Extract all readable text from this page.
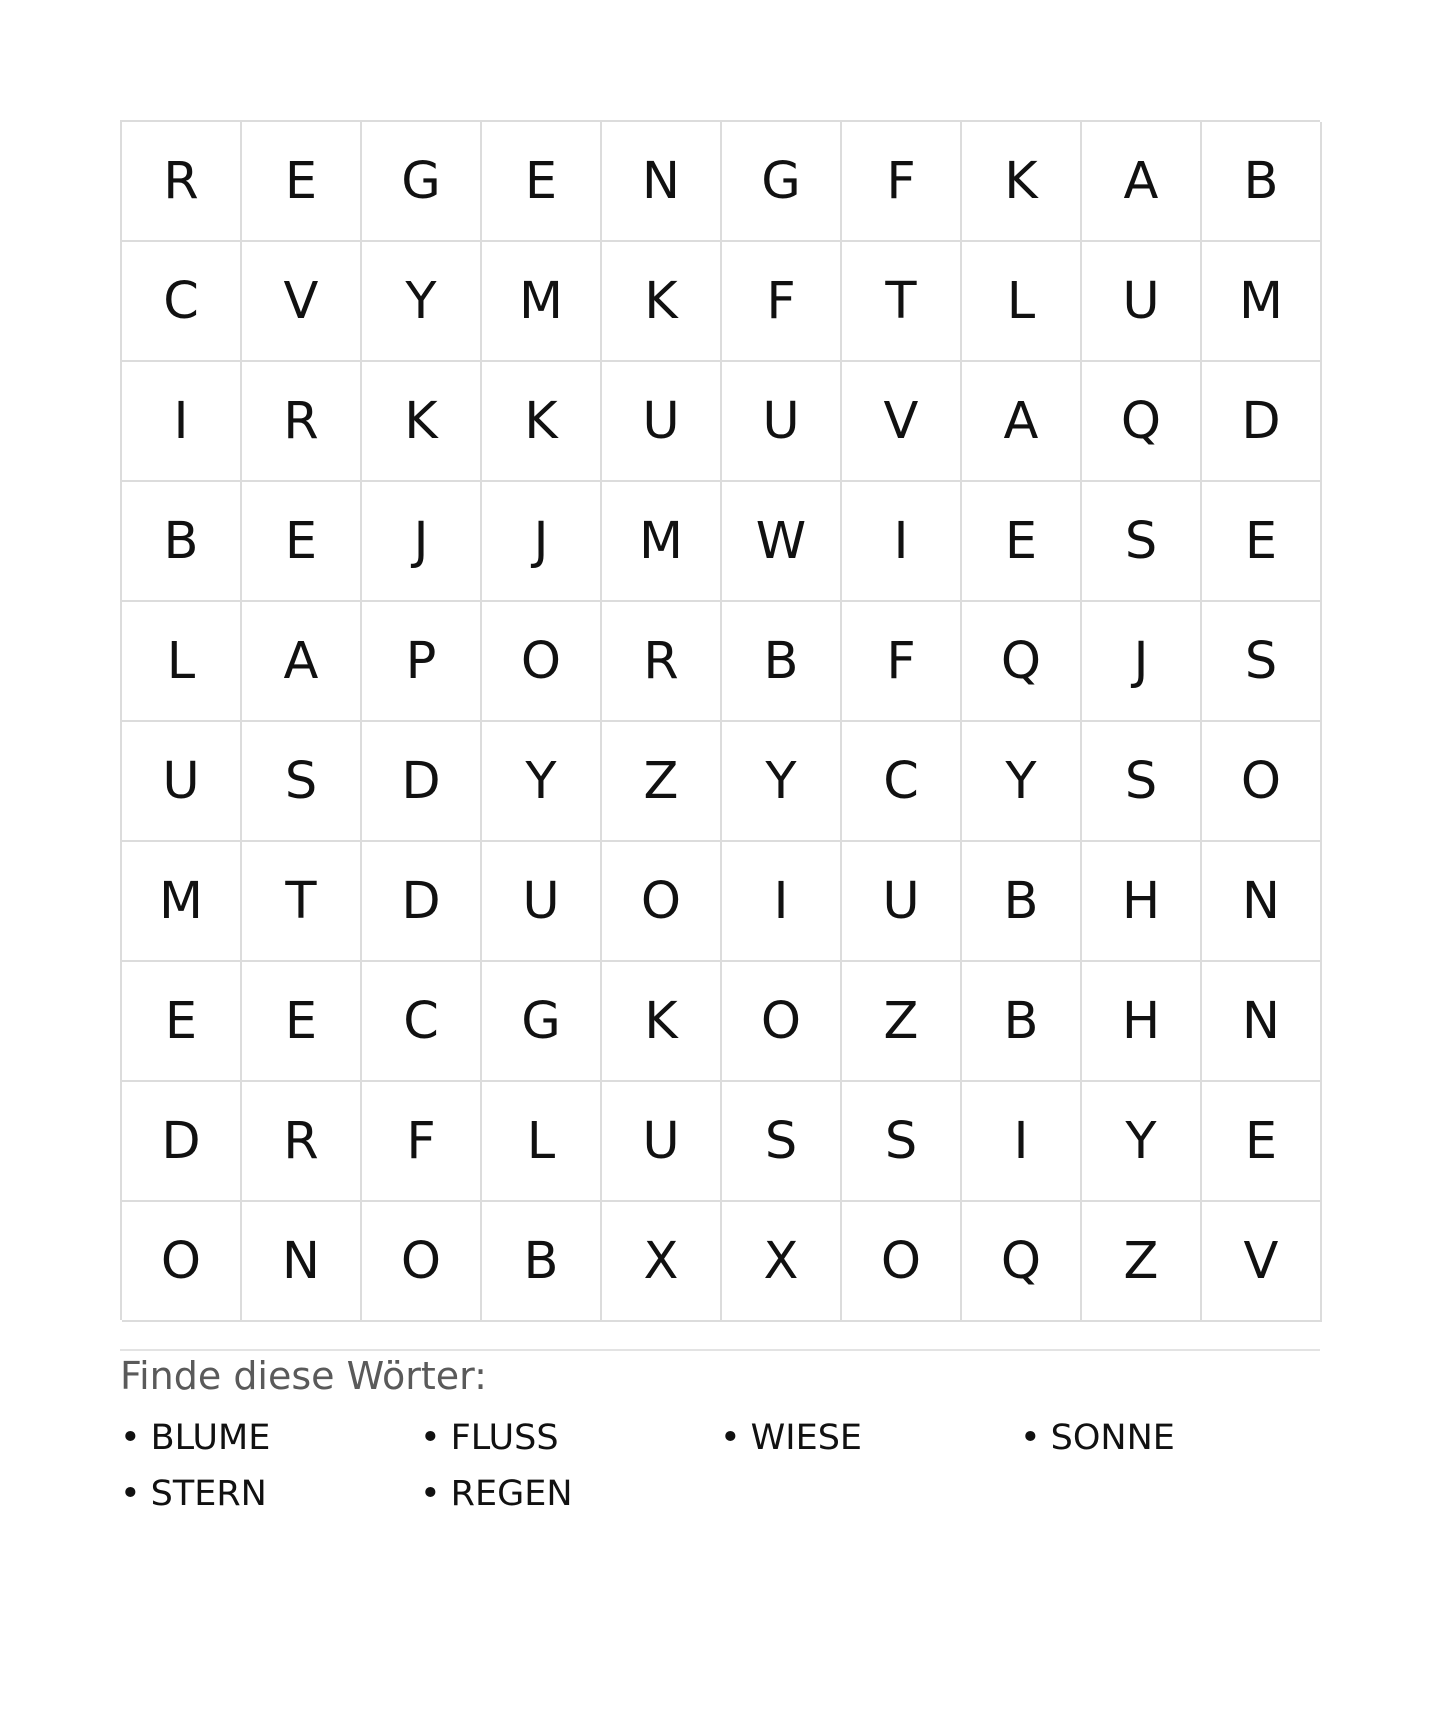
R	E	G	E	N	G	F	K	A	B
C	V	Y	M	K	F	T	L	U	M
I	R	K	K	U	U	V	A	Q	D
B	E	J	J	M	W	I	E	S	E
L	A	P	O	R	B	F	Q	J	S
U	S	D	Y	Z	Y	C	Y	S	O
M	T	D	U	O	I	U	B	H	N
E	E	C	G	K	O	Z	B	H	N
D	R	F	L	U	S	S	I	Y	E
O	N	O	B	X	X	O	Q	Z	V
Finde diese Wörter:
• BLUME	• FLUSS	• WIESE	• SONNE
• STERN	• REGEN
